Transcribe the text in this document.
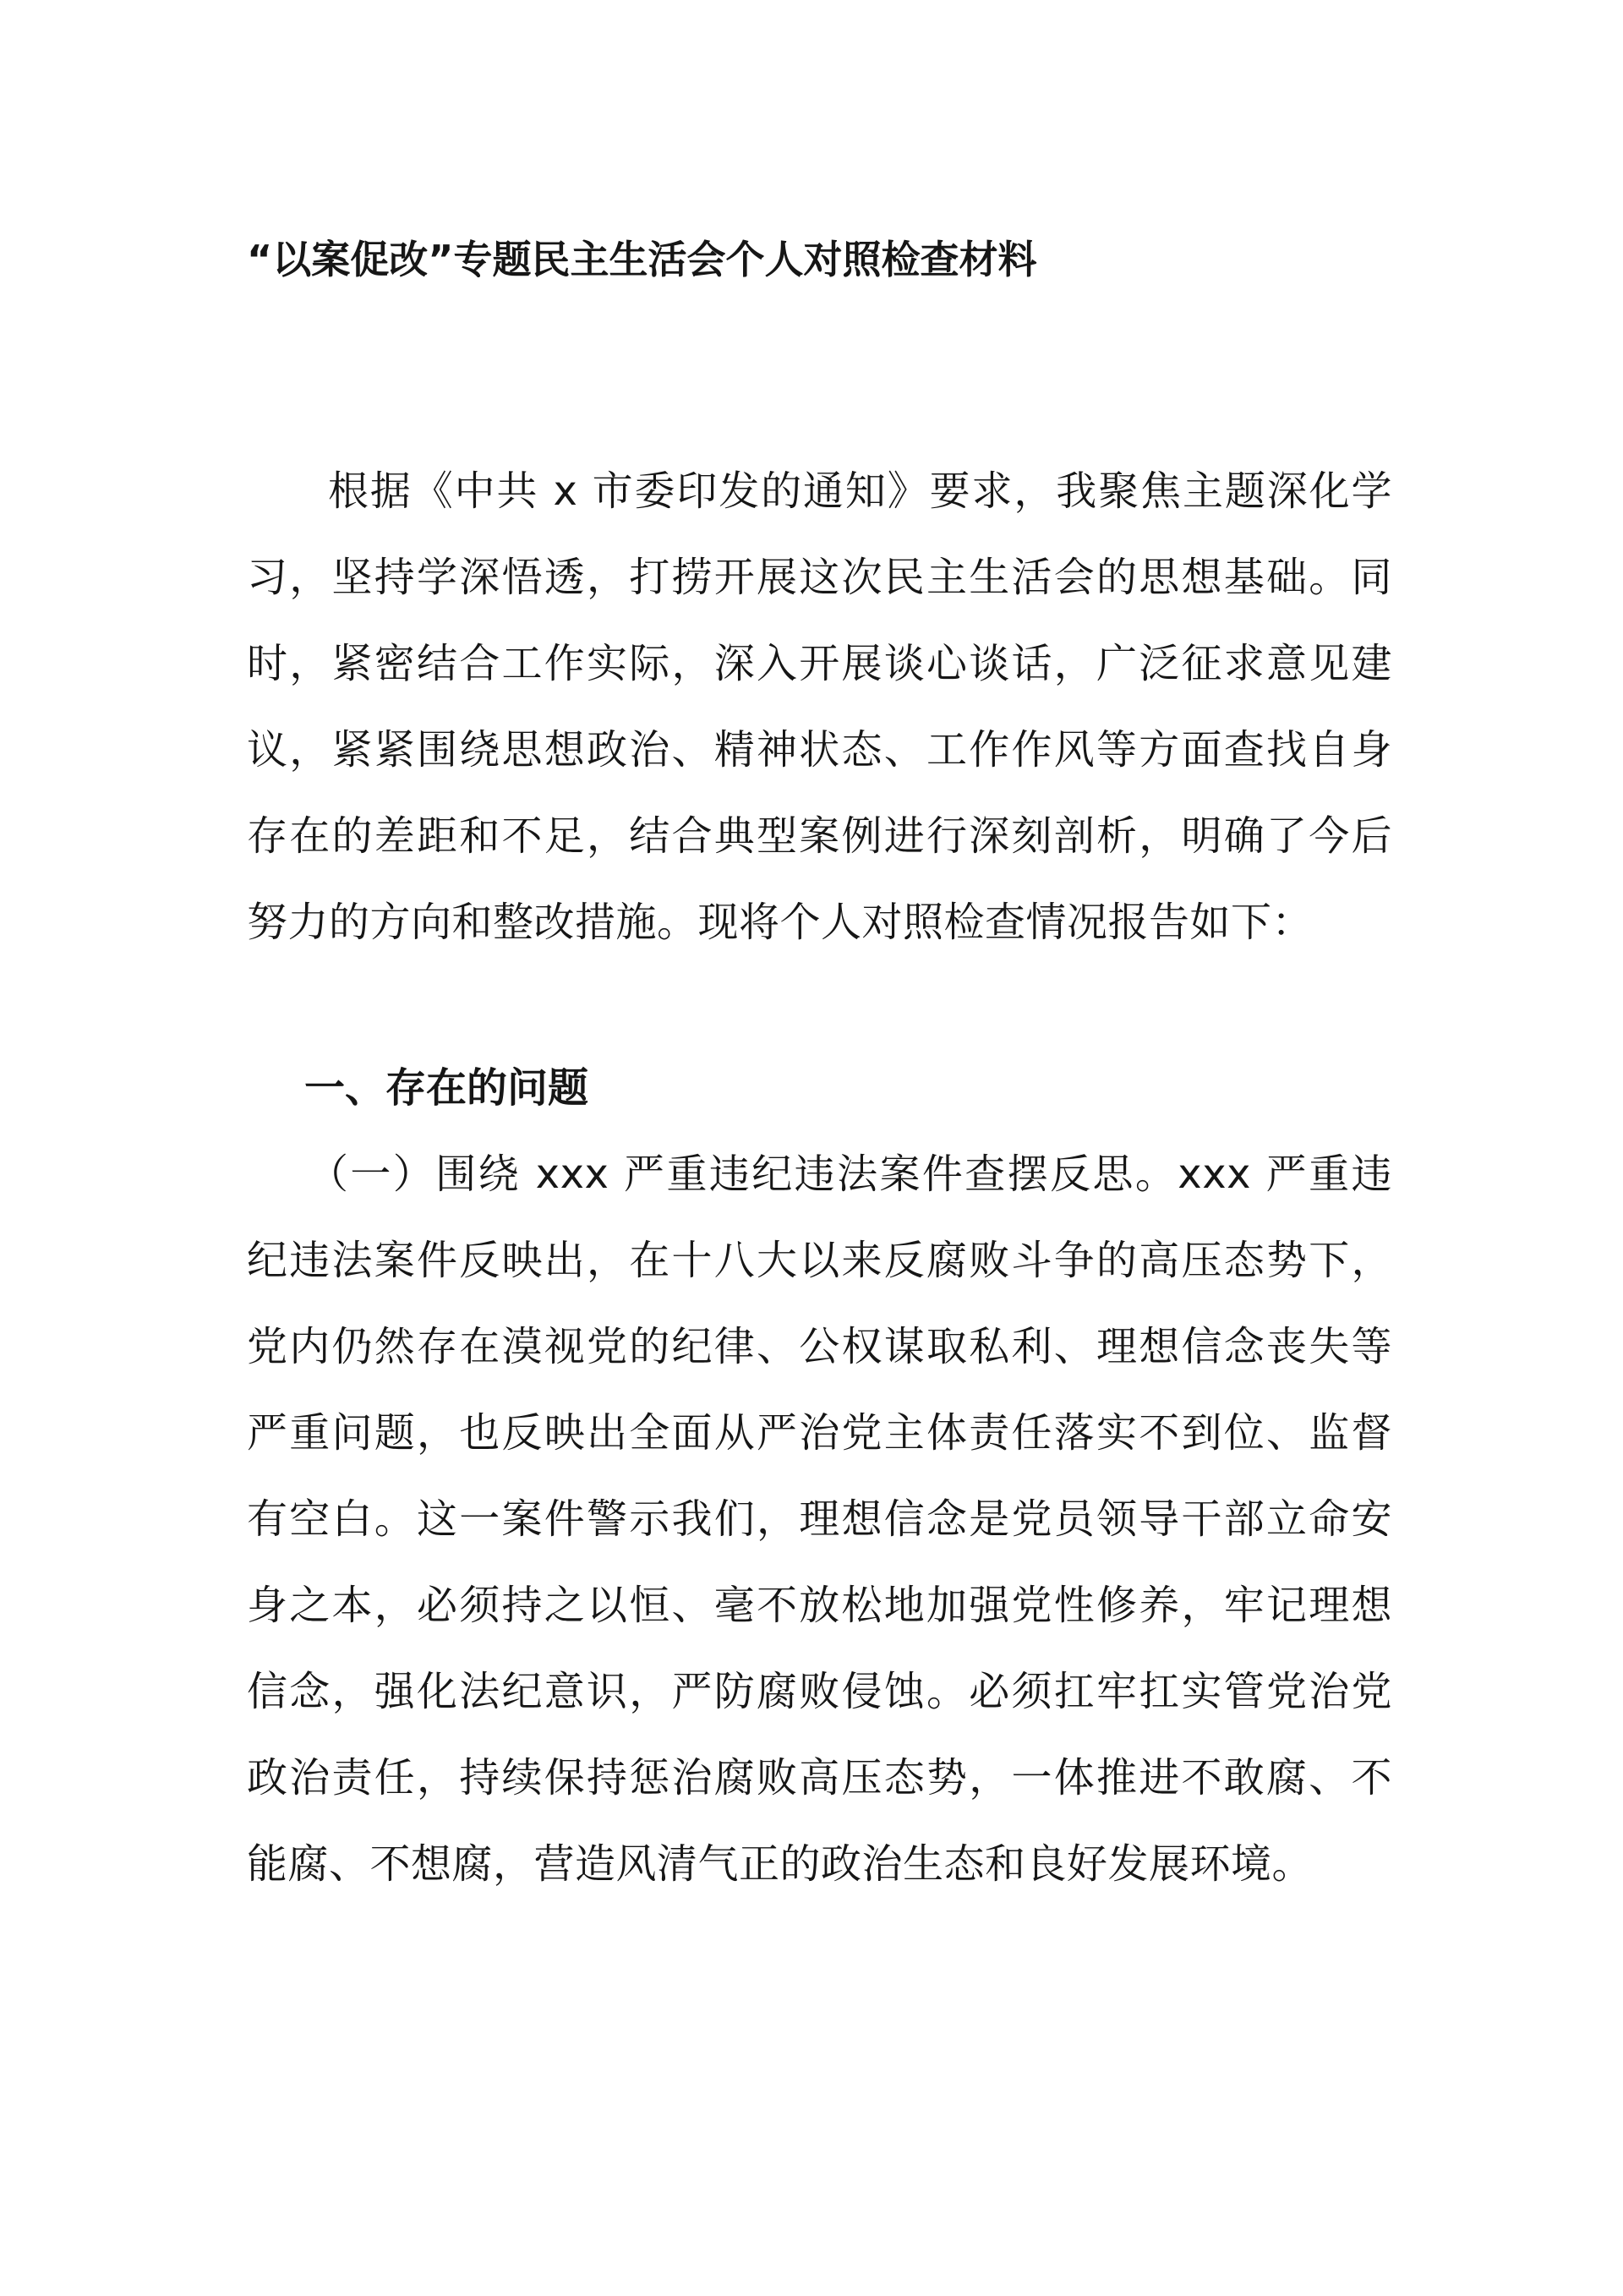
“以案促改”专题民主生活会个人对照检查材料

根据《中共 x 市委印发的通知》要求，我聚焦主题深化学习，坚持学深悟透，打捞开展这次民主生活会的思想基础。同时，紧密结合工作实际，深入开展谈心谈话，广泛征求意见建议，紧紧围绕思想政治、精神状态、工作作风等方面查找自身存在的差距和不足，结合典型案例进行深刻剖析，明确了今后努力的方向和整改措施。现将个人对照检查情况报告如下：

一、存在的问题

（一）围绕 xxx 严重违纪违法案件查摆反思。xxx 严重违纪违法案件反映出，在十八大以来反腐败斗争的高压态势下，党内仍然存在漠视党的纪律、公权谋取私利、理想信念丧失等严重问题，也反映出全面从严治党主体责任落实不到位、监督有空白。这一案件警示我们，理想信念是党员领导干部立命安身之本，必须持之以恒、毫不放松地加强党性修养，牢记理想信念，强化法纪意识，严防腐败侵蚀。必须扛牢扛实管党治党政治责任，持续保持惩治腐败高压态势，一体推进不敢腐、不能腐、不想腐，营造风清气正的政治生态和良好发展环境。
